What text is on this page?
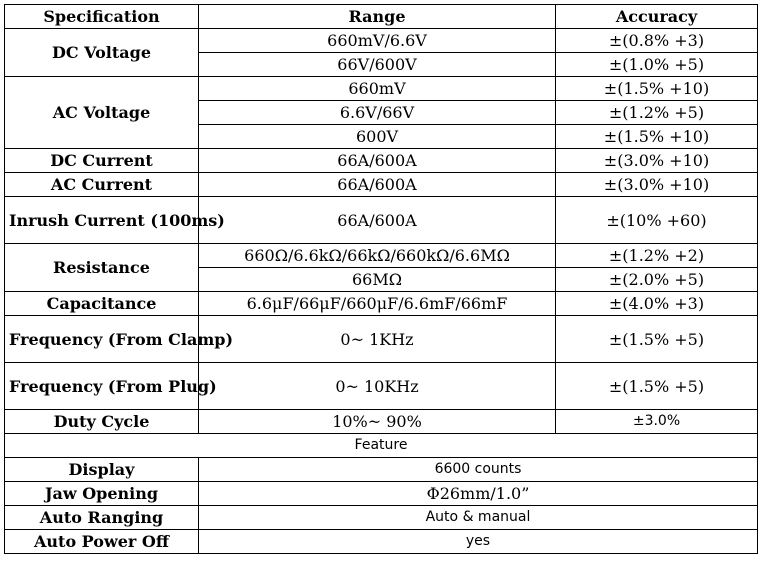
Specification	Range	Accuracy
DC Voltage	660mV/6.6V	±(0.8% +3)
	66V/600V	±(1.0% +5)
AC Voltage	660mV	±(1.5% +10)
	6.6V/66V	±(1.2% +5)
	600V	±(1.5% +10)
DC Current	66A/600A	±(3.0% +10)
AC Current	66A/600A	±(3.0% +10)
Inrush Current (100ms)	66A/600A	±(10% +60)
Resistance	660Ω/6.6kΩ/66kΩ/660kΩ/6.6MΩ	±(1.2% +2)
	66MΩ	±(2.0% +5)
Capacitance	6.6μF/66μF/660μF/6.6mF/66mF	±(4.0% +3)
Frequency (From Clamp)	0~ 1KHz	±(1.5% +5)
Frequency (From Plug)	0~ 10KHz	±(1.5% +5)
Duty Cycle	10%~ 90%	±3.0%
Feature		
Display	6600 counts	
Jaw Opening	Φ26mm/1.0”	
Auto Ranging	Auto & manual	
Auto Power Off	yes	
